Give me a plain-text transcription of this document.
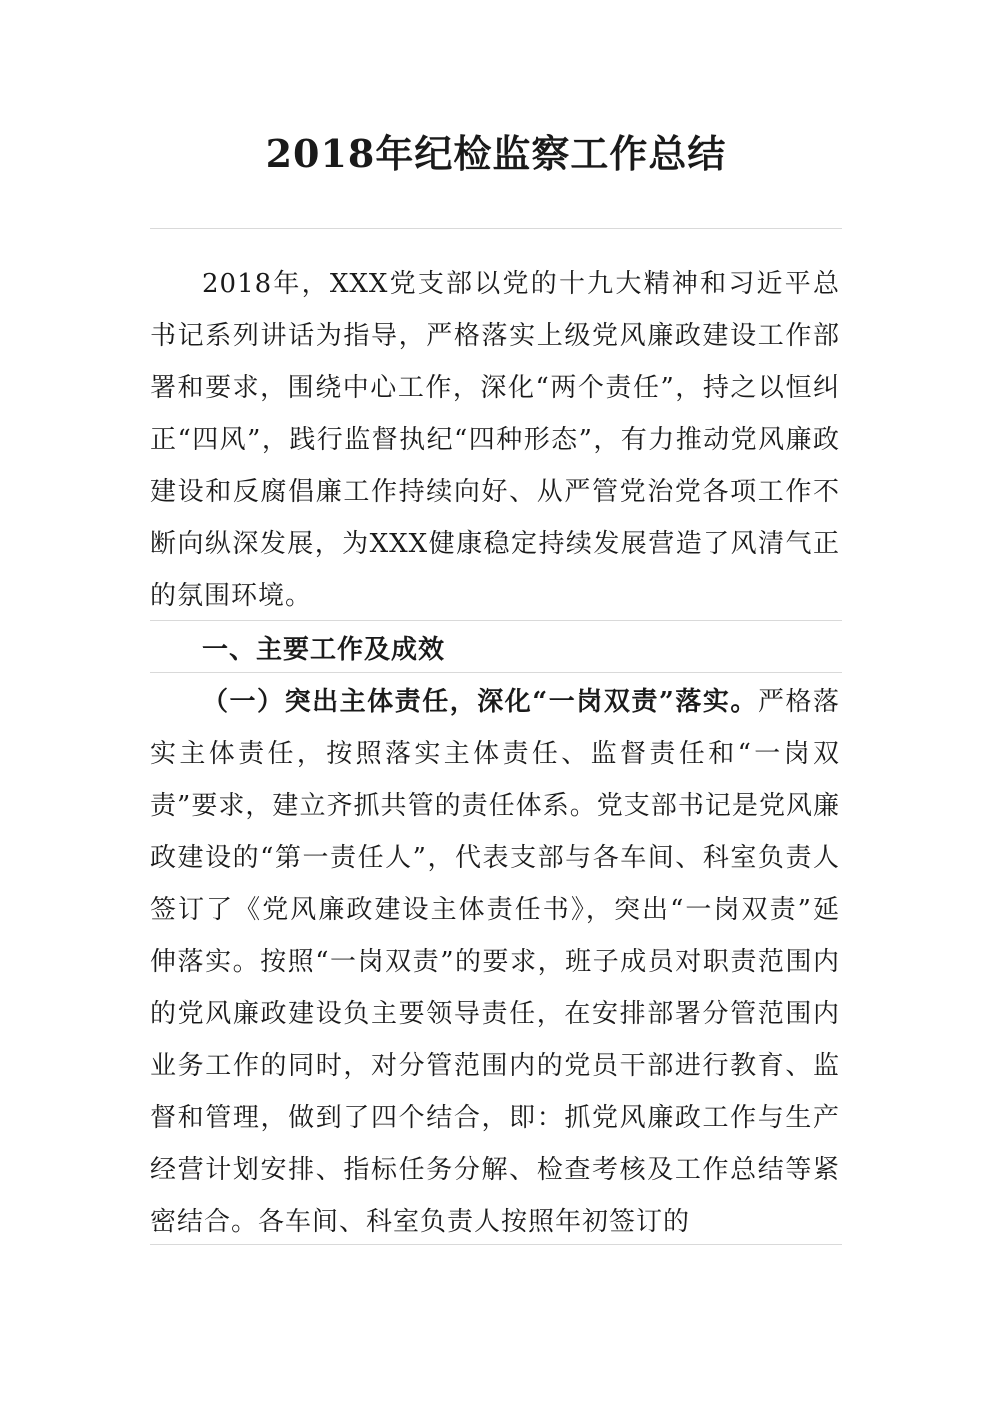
2018年纪检监察工作总结

2018年，XXX党支部以党的十九大精神和习近平总书记系列讲话为指导，严格落实上级党风廉政建设工作部署和要求，围绕中心工作，深化“两个责任”，持之以恒纠正“四风”，践行监督执纪“四种形态”，有力推动党风廉政建设和反腐倡廉工作持续向好、从严管党治党各项工作不断向纵深发展，为XXX健康稳定持续发展营造了风清气正的氛围环境。

一、主要工作及成效

（一）突出主体责任，深化“一岗双责”落实。严格落实主体责任，按照落实主体责任、监督责任和“一岗双责”要求，建立齐抓共管的责任体系。党支部书记是党风廉政建设的“第一责任人”，代表支部与各车间、科室负责人签订了《党风廉政建设主体责任书》，突出“一岗双责”延伸落实。按照“一岗双责”的要求，班子成员对职责范围内的党风廉政建设负主要领导责任，在安排部署分管范围内业务工作的同时，对分管范围内的党员干部进行教育、监督和管理，做到了四个结合，即：抓党风廉政工作与生产经营计划安排、指标任务分解、检查考核及工作总结等紧密结合。各车间、科室负责人按照年初签订的
